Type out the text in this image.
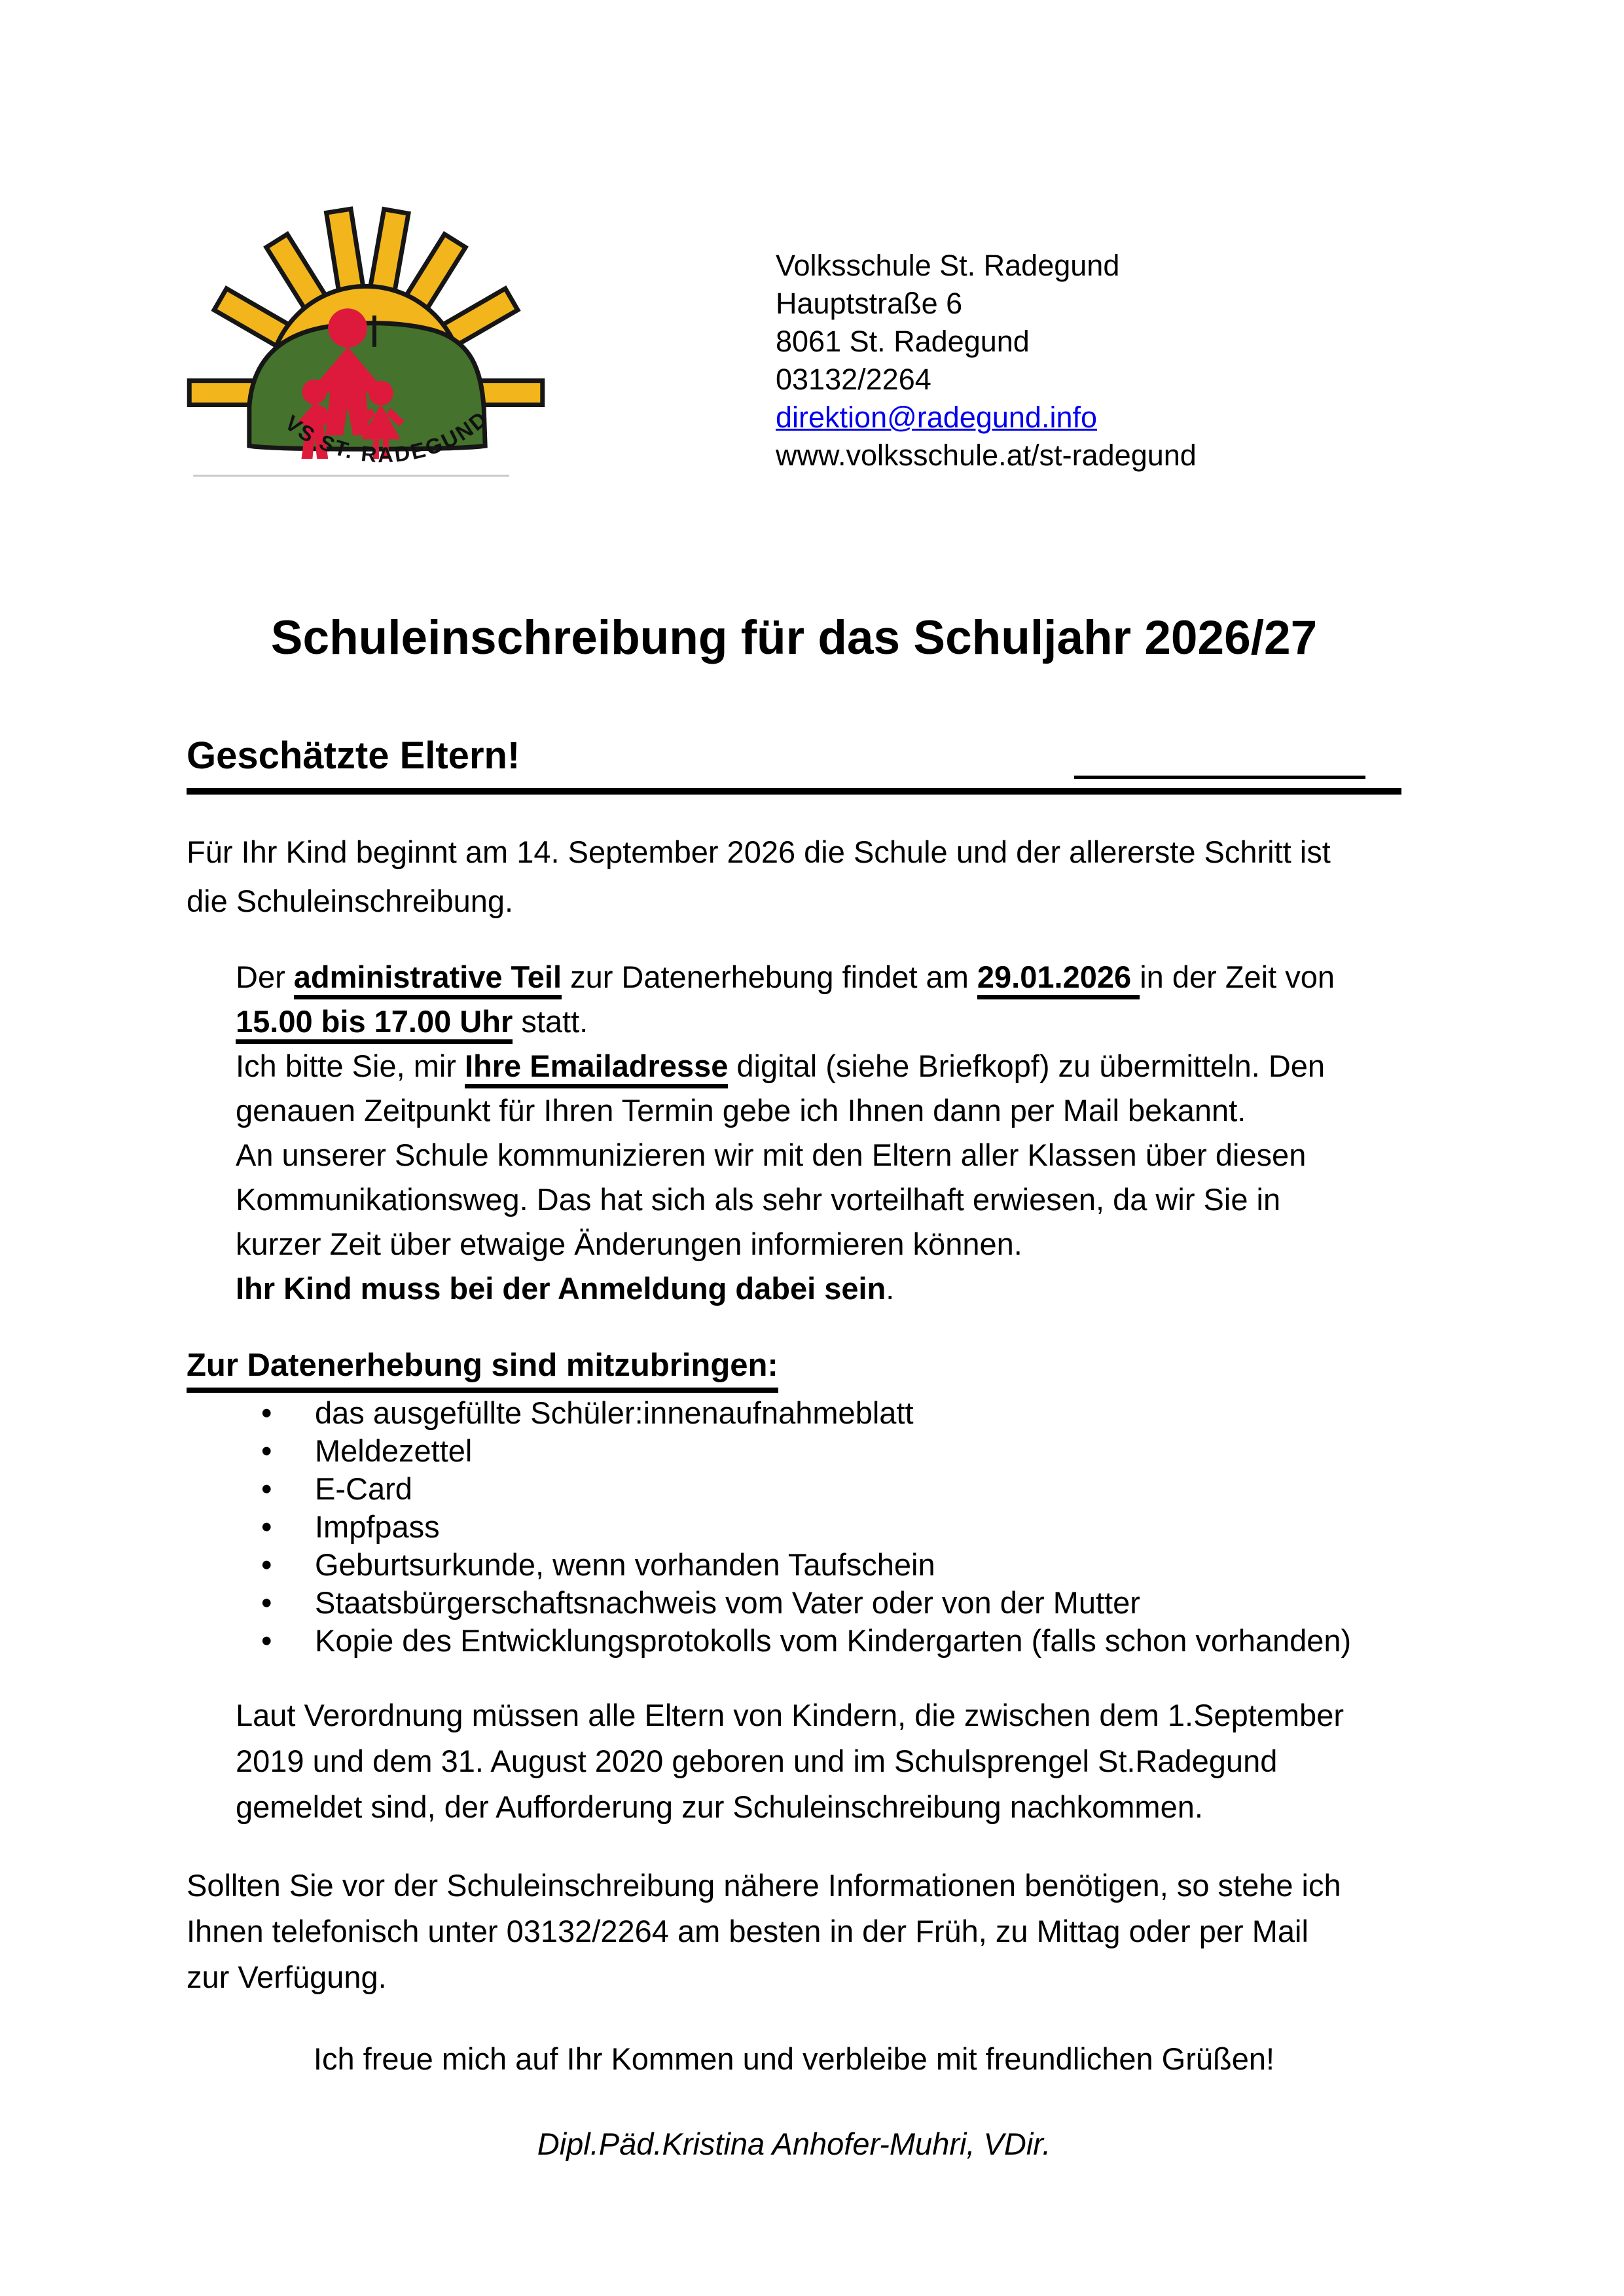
VS ST. RADEGUND
Volksschule St. Radegund
Hauptstraße 6
8061 St. Radegund
03132/2264
direktion@radegund.info
www.volksschule.at/st-radegund
Schuleinschreibung für das Schuljahr 2026/27
Geschätzte Eltern!
Für Ihr Kind beginnt am 14. September 2026 die Schule und der allererste Schritt ist
die Schuleinschreibung.
Der administrative Teil zur Datenerhebung findet am 29.01.2026 in der Zeit von
15.00 bis 17.00 Uhr statt.
Ich bitte Sie, mir Ihre Emailadresse digital (siehe Briefkopf) zu übermitteln. Den
genauen Zeitpunkt für Ihren Termin gebe ich Ihnen dann per Mail bekannt.
An unserer Schule kommunizieren wir mit den Eltern aller Klassen über diesen
Kommunikationsweg. Das hat sich als sehr vorteilhaft erwiesen, da wir Sie in
kurzer Zeit über etwaige Änderungen informieren können.
Ihr Kind muss bei der Anmeldung dabei sein.
Zur Datenerhebung sind mitzubringen:
•	das ausgefüllte Schüler:innenaufnahmeblatt
•	Meldezettel
•	E-Card
•	Impfpass
•	Geburtsurkunde, wenn vorhanden Taufschein
•	Staatsbürgerschaftsnachweis vom Vater oder von der Mutter
•	Kopie des Entwicklungsprotokolls vom Kindergarten (falls schon vorhanden)
Laut Verordnung müssen alle Eltern von Kindern, die zwischen dem 1.September
2019 und dem 31. August 2020 geboren und im Schulsprengel St.Radegund
gemeldet sind, der Aufforderung zur Schuleinschreibung nachkommen.
Sollten Sie vor der Schuleinschreibung nähere Informationen benötigen, so stehe ich
Ihnen telefonisch unter 03132/2264 am besten in der Früh, zu Mittag oder per Mail
zur Verfügung.
Ich freue mich auf Ihr Kommen und verbleibe mit freundlichen Grüßen!
Dipl.Päd.Kristina Anhofer-Muhri, VDir.
